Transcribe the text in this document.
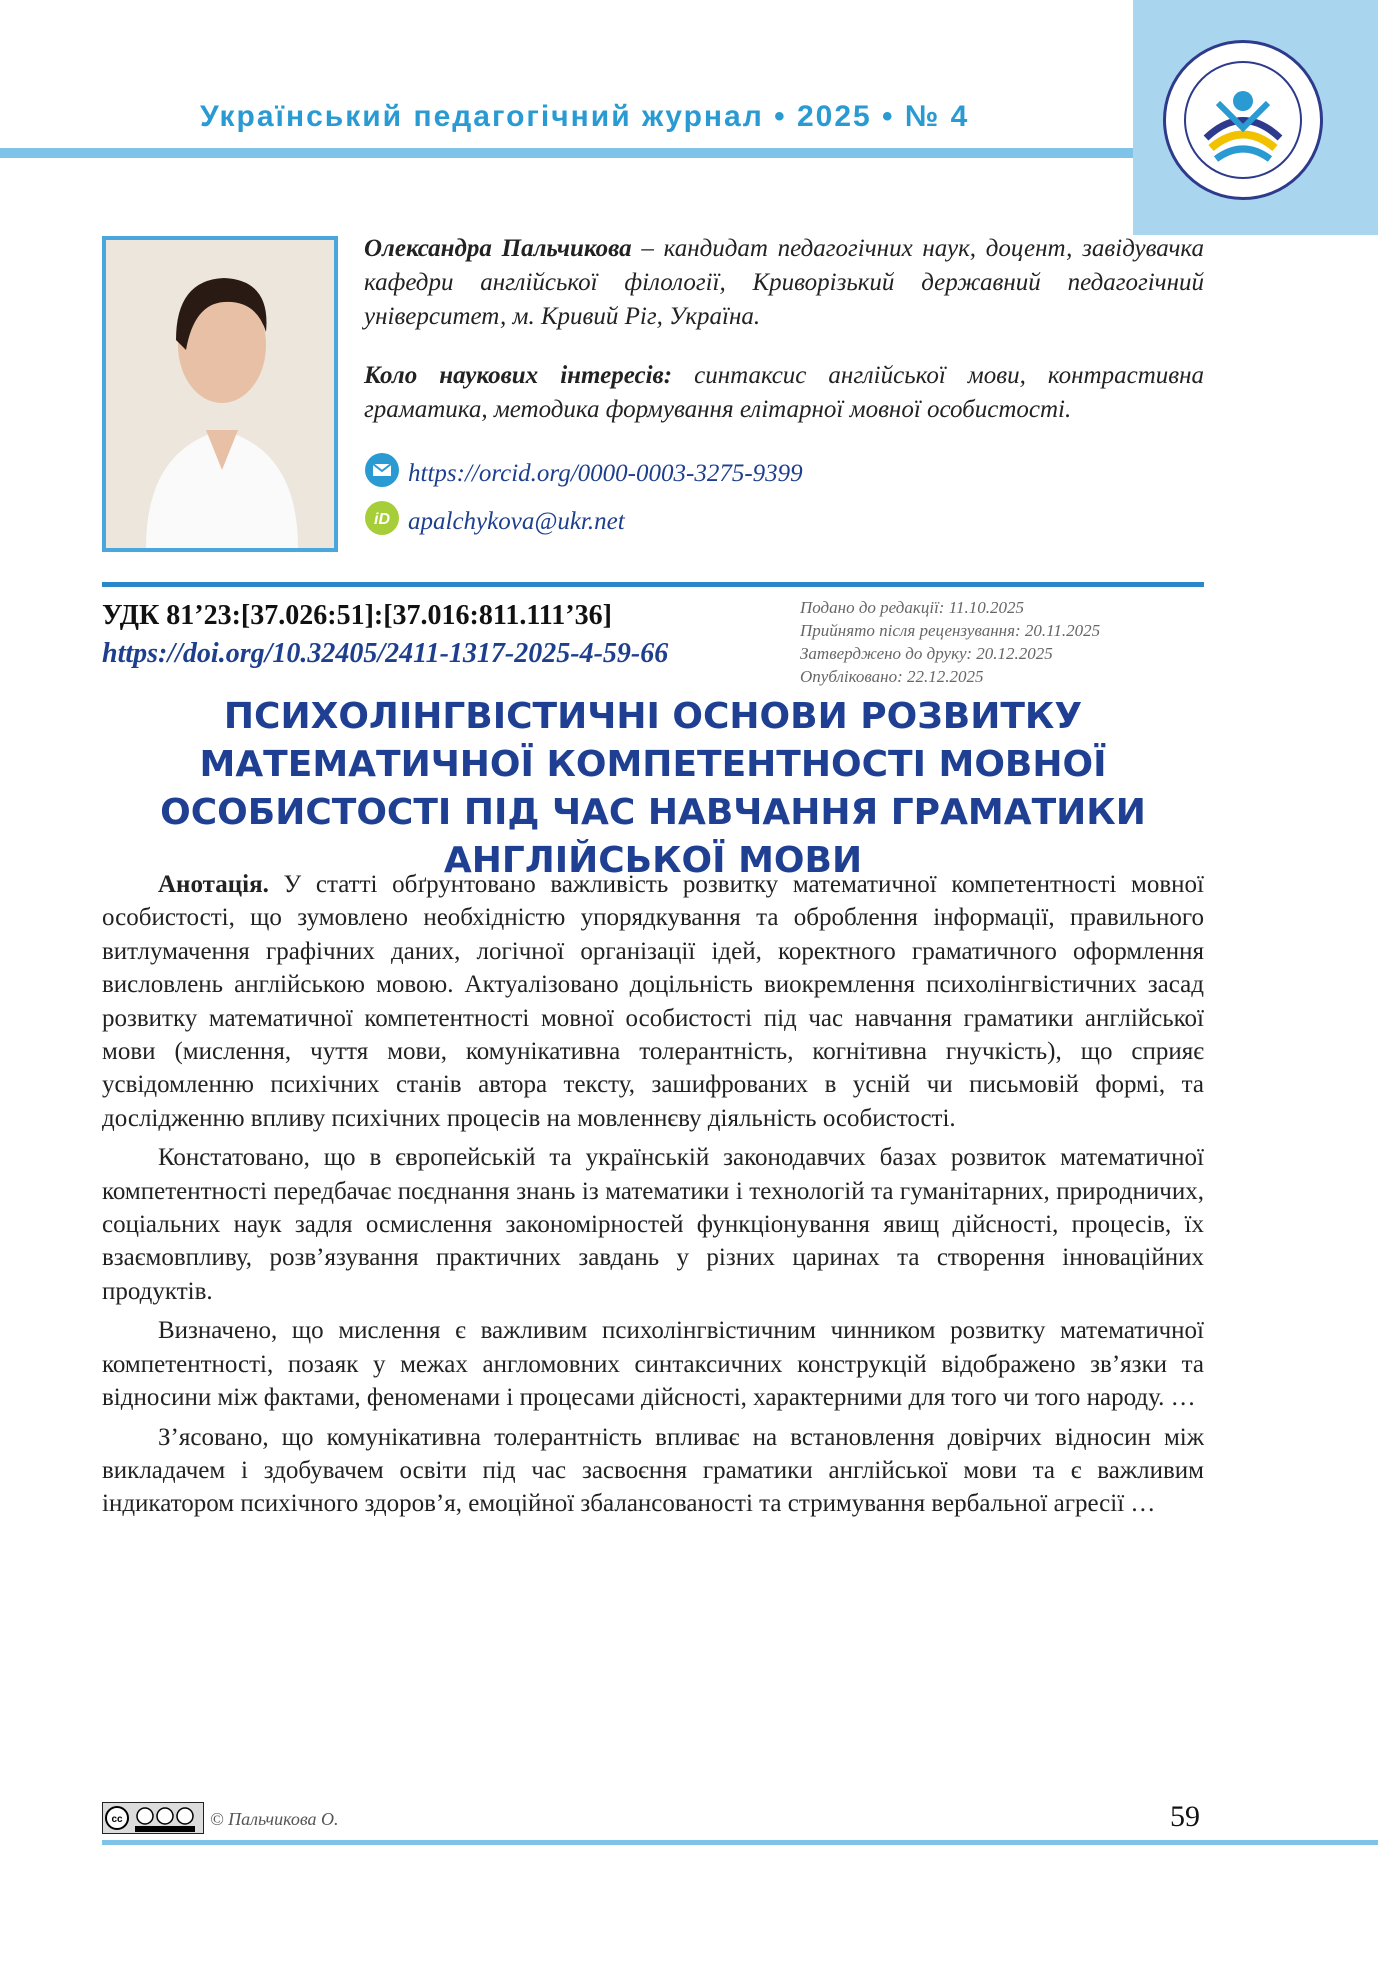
Український педагогічний журнал • 2025 • № 4
Олександра Пальчикова – кандидат педагогічних наук, доцент, завідувачка кафедри англійської філології, Криворізький державний педагогічний університет, м. Кривий Ріг, Україна.
Коло наукових інтересів: синтаксис англійської мови, контрастивна граматика, методика формування елітарної мовної особистості.
https://orcid.org/0000-0003-3275-9399
iD apalchykova@ukr.net
УДК 81’23:[37.026:51]:[37.016:811.111’36]
https://doi.org/10.32405/2411-1317-2025-4-59-66
Подано до редакції: 11.10.2025
Прийнято після рецензування: 20.11.2025
Затверджено до друку: 20.12.2025
Опубліковано: 22.12.2025
ПСИХОЛІНГВІСТИЧНІ ОСНОВИ РОЗВИТКУ МАТЕМАТИЧНОЇ КОМПЕТЕНТНОСТІ МОВНОЇ ОСОБИСТОСТІ ПІД ЧАС НАВЧАННЯ ГРАМАТИКИ АНГЛІЙСЬКОЇ МОВИ

Анотація. У статті обґрунтовано важливість розвитку математичної компетентності мовної особистості, що зумовлено необхідністю упорядкування та оброблення інформації, правильного витлумачення графічних даних, логічної організації ідей, коректного граматичного оформлення висловлень англійською мовою. Актуалізовано доцільність виокремлення психолінгвістичних засад розвитку математичної компетентності мовної особистості під час навчання граматики англійської мови (мислення, чуття мови, комунікативна толерантність, когнітивна гнучкість), що сприяє усвідомленню психічних станів автора тексту, зашифрованих в усній чи письмовій формі, та дослідженню впливу психічних процесів на мовленнєву діяльність особистості.

Констатовано, що в європейській та українській законодавчих базах розвиток математичної компетентності передбачає поєднання знань із математики і технологій та гуманітарних, природничих, соціальних наук задля осмислення закономірностей функціонування явищ дійсності, процесів, їх взаємовпливу, розв’язування практичних завдань у різних царинах та створення інноваційних продуктів.

Визначено, що мислення є важливим психолінгвістичним чинником розвитку математичної компетентності, позаяк у межах англомовних синтаксичних конструкцій відображено зв’язки та відносини між фактами, феноменами і процесами дійсності, характерними для того чи того народу. …

З’ясовано, що комунікативна толерантність впливає на встановлення довірчих відносин між викладачем і здобувачем освіти під час засвоєння граматики англійської мови та є важливим індикатором психічного здоров’я, емоційної збалансованості та стримування вербальної агресії …

cc	© Пальчикова О.	59
